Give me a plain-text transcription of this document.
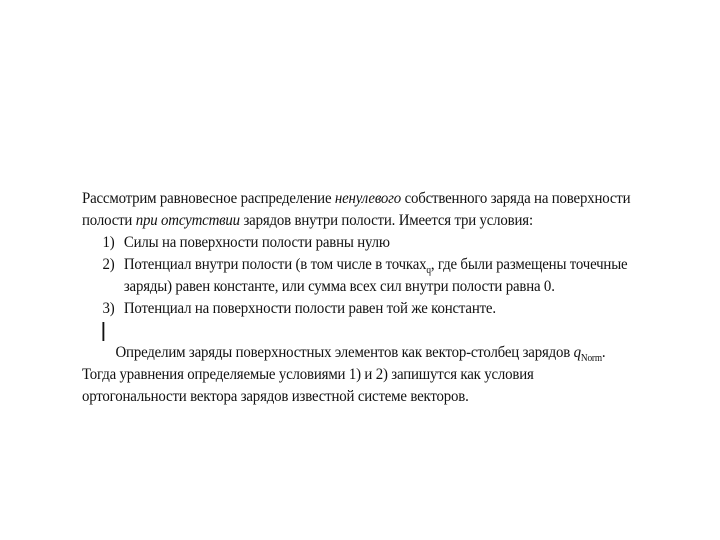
Рассмотрим равновесное распределение ненулевого собственного заряда на поверхности
полости при отсутствии зарядов внутри полости. Имеется три условия:
1) Силы на поверхности полости равны нулю
2) Потенциал внутри полости (в том числе в точках$_q$, где были размещены точечные
заряды) равен константе, или сумма всех сил внутри полости равна 0.
3) Потенциал на поверхности полости равен той же константе.
Определим заряды поверхностных элементов как вектор-столбец зарядов $q_{Norm}$.
Тогда уравнения определяемые условиями 1) и 2) запишутся как условия
ортогональности вектора зарядов известной системе векторов.
